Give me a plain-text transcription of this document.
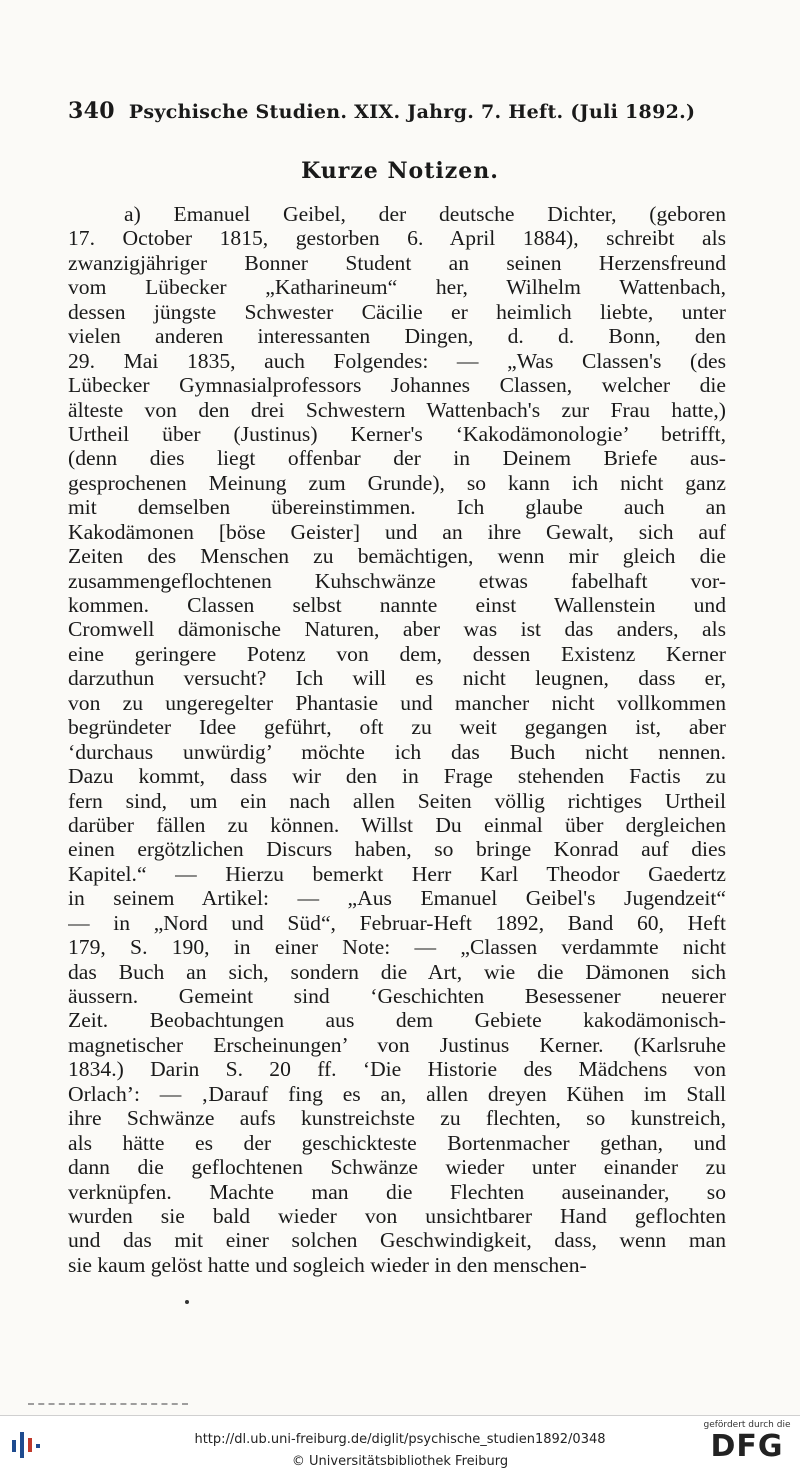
340 Psychische Studien. XIX. Jahrg. 7. Heft. (Juli 1892.)
Kurze Notizen.
a) Emanuel Geibel, der deutsche Dichter, (geboren
17. October 1815, gestorben 6. April 1884), schreibt als
zwanzigjähriger Bonner Student an seinen Herzensfreund
vom Lübecker „Katharineum“ her, Wilhelm Wattenbach,
dessen jüngste Schwester Cäcilie er heimlich liebte, unter
vielen anderen interessanten Dingen, d. d. Bonn, den
29. Mai 1835, auch Folgendes: — „Was Classen's (des
Lübecker Gymnasialprofessors Johannes Classen, welcher die
älteste von den drei Schwestern Wattenbach's zur Frau hatte,)
Urtheil über (Justinus) Kerner's ‘Kakodämonologie’ betrifft,
(denn dies liegt offenbar der in Deinem Briefe aus-
gesprochenen Meinung zum Grunde), so kann ich nicht ganz
mit demselben übereinstimmen. Ich glaube auch an
Kakodämonen [böse Geister] und an ihre Gewalt, sich auf
Zeiten des Menschen zu bemächtigen, wenn mir gleich die
zusammengeflochtenen Kuhschwänze etwas fabelhaft vor-
kommen. Classen selbst nannte einst Wallenstein und
Cromwell dämonische Naturen, aber was ist das anders, als
eine geringere Potenz von dem, dessen Existenz Kerner
darzuthun versucht? Ich will es nicht leugnen, dass er,
von zu ungeregelter Phantasie und mancher nicht vollkommen
begründeter Idee geführt, oft zu weit gegangen ist, aber
‘durchaus unwürdig’ möchte ich das Buch nicht nennen.
Dazu kommt, dass wir den in Frage stehenden Factis zu
fern sind, um ein nach allen Seiten völlig richtiges Urtheil
darüber fällen zu können. Willst Du einmal über dergleichen
einen ergötzlichen Discurs haben, so bringe Konrad auf dies
Kapitel.“ — Hierzu bemerkt Herr Karl Theodor Gaedertz
in seinem Artikel: — „Aus Emanuel Geibel's Jugendzeit“
— in „Nord und Süd“, Februar-Heft 1892, Band 60, Heft
179, S. 190, in einer Note: — „Classen verdammte nicht
das Buch an sich, sondern die Art, wie die Dämonen sich
äussern. Gemeint sind ‘Geschichten Besessener neuerer
Zeit. Beobachtungen aus dem Gebiete kakodämonisch-
magnetischer Erscheinungen’ von Justinus Kerner. (Karlsruhe
1834.) Darin S. 20 ff. ‘Die Historie des Mädchens von
Orlach’: — ‚Darauf fing es an, allen dreyen Kühen im Stall
ihre Schwänze aufs kunstreichste zu flechten, so kunstreich,
als hätte es der geschickteste Bortenmacher gethan, und
dann die geflochtenen Schwänze wieder unter einander zu
verknüpfen. Machte man die Flechten auseinander, so
wurden sie bald wieder von unsichtbarer Hand geflochten
und das mit einer solchen Geschwindigkeit, dass, wenn man
sie kaum gelöst hatte und sogleich wieder in den menschen-
http://dl.ub.uni-freiburg.de/diglit/psychische_studien1892/0348
© Universitätsbibliothek Freiburg
gefördert durch die
DFG
